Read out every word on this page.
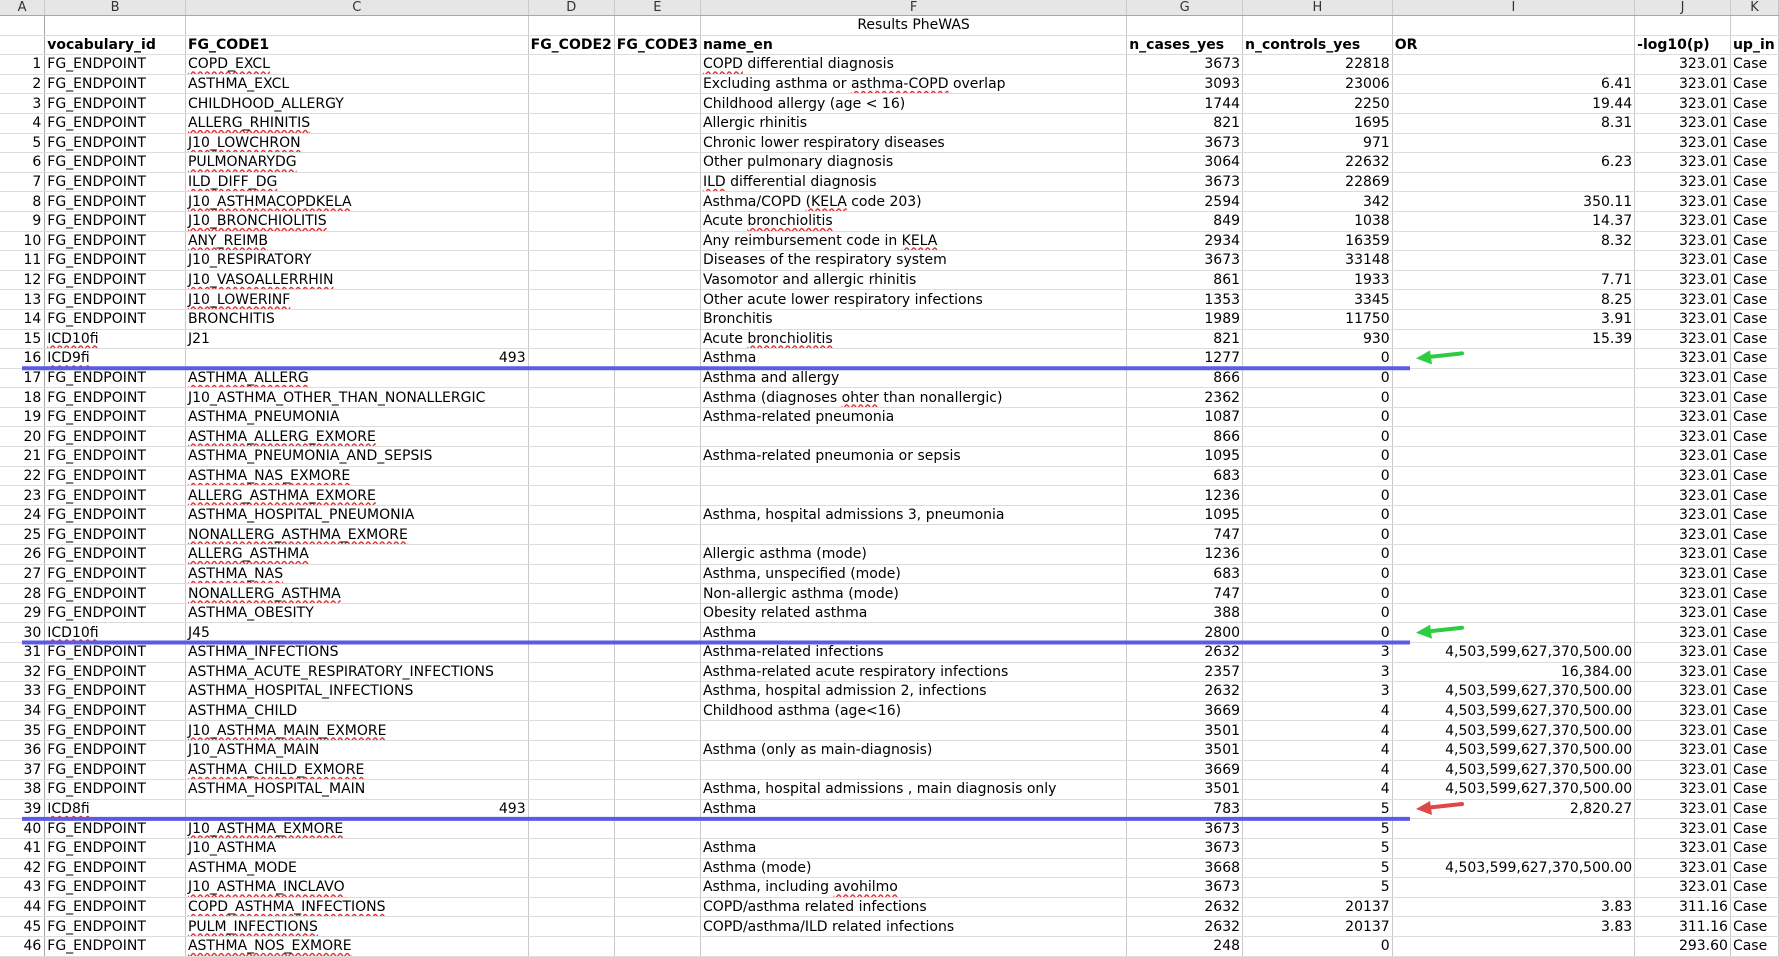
A	B	C	D	E	F	G	H	I	J	K
					Results PheWAS					
	vocabulary_id	FG_CODE1	FG_CODE2	FG_CODE3	name_en	n_cases_yes	n_controls_yes	OR	-log10(p)	up_in
1	FG_ENDPOINT	COPD_EXCL			COPD differential diagnosis	3673	22818		323.01	Case
2	FG_ENDPOINT	ASTHMA_EXCL			Excluding asthma or asthma-COPD overlap	3093	23006	6.41	323.01	Case
3	FG_ENDPOINT	CHILDHOOD_ALLERGY			Childhood allergy (age < 16)	1744	2250	19.44	323.01	Case
4	FG_ENDPOINT	ALLERG_RHINITIS			Allergic rhinitis	821	1695	8.31	323.01	Case
5	FG_ENDPOINT	J10_LOWCHRON			Chronic lower respiratory diseases	3673	971		323.01	Case
6	FG_ENDPOINT	PULMONARYDG			Other pulmonary diagnosis	3064	22632	6.23	323.01	Case
7	FG_ENDPOINT	ILD_DIFF_DG			ILD differential diagnosis	3673	22869		323.01	Case
8	FG_ENDPOINT	J10_ASTHMACOPDKELA			Asthma/COPD (KELA code 203)	2594	342	350.11	323.01	Case
9	FG_ENDPOINT	J10_BRONCHIOLITIS			Acute bronchiolitis	849	1038	14.37	323.01	Case
10	FG_ENDPOINT	ANY_REIMB			Any reimbursement code in KELA	2934	16359	8.32	323.01	Case
11	FG_ENDPOINT	J10_RESPIRATORY			Diseases of the respiratory system	3673	33148		323.01	Case
12	FG_ENDPOINT	J10_VASOALLERRHIN			Vasomotor and allergic rhinitis	861	1933	7.71	323.01	Case
13	FG_ENDPOINT	J10_LOWERINF			Other acute lower respiratory infections	1353	3345	8.25	323.01	Case
14	FG_ENDPOINT	BRONCHITIS			Bronchitis	1989	11750	3.91	323.01	Case
15	ICD10fi	J21			Acute bronchiolitis	821	930	15.39	323.01	Case
16	ICD9fi	493			Asthma	1277	0		323.01	Case
17	FG_ENDPOINT	ASTHMA_ALLERG			Asthma and allergy	866	0		323.01	Case
18	FG_ENDPOINT	J10_ASTHMA_OTHER_THAN_NONALLERGIC			Asthma (diagnoses ohter than nonallergic)	2362	0		323.01	Case
19	FG_ENDPOINT	ASTHMA_PNEUMONIA			Asthma-related pneumonia	1087	0		323.01	Case
20	FG_ENDPOINT	ASTHMA_ALLERG_EXMORE				866	0		323.01	Case
21	FG_ENDPOINT	ASTHMA_PNEUMONIA_AND_SEPSIS			Asthma-related pneumonia or sepsis	1095	0		323.01	Case
22	FG_ENDPOINT	ASTHMA_NAS_EXMORE				683	0		323.01	Case
23	FG_ENDPOINT	ALLERG_ASTHMA_EXMORE				1236	0		323.01	Case
24	FG_ENDPOINT	ASTHMA_HOSPITAL_PNEUMONIA			Asthma, hospital admissions 3, pneumonia	1095	0		323.01	Case
25	FG_ENDPOINT	NONALLERG_ASTHMA_EXMORE				747	0		323.01	Case
26	FG_ENDPOINT	ALLERG_ASTHMA			Allergic asthma (mode)	1236	0		323.01	Case
27	FG_ENDPOINT	ASTHMA_NAS			Asthma, unspecified (mode)	683	0		323.01	Case
28	FG_ENDPOINT	NONALLERG_ASTHMA			Non-allergic asthma (mode)	747	0		323.01	Case
29	FG_ENDPOINT	ASTHMA_OBESITY			Obesity related asthma	388	0		323.01	Case
30	ICD10fi	J45			Asthma	2800	0		323.01	Case
31	FG_ENDPOINT	ASTHMA_INFECTIONS			Asthma-related infections	2632	3	4,503,599,627,370,500.00	323.01	Case
32	FG_ENDPOINT	ASTHMA_ACUTE_RESPIRATORY_INFECTIONS			Asthma-related acute respiratory infections	2357	3	16,384.00	323.01	Case
33	FG_ENDPOINT	ASTHMA_HOSPITAL_INFECTIONS			Asthma, hospital admission 2, infections	2632	3	4,503,599,627,370,500.00	323.01	Case
34	FG_ENDPOINT	ASTHMA_CHILD			Childhood asthma (age<16)	3669	4	4,503,599,627,370,500.00	323.01	Case
35	FG_ENDPOINT	J10_ASTHMA_MAIN_EXMORE				3501	4	4,503,599,627,370,500.00	323.01	Case
36	FG_ENDPOINT	J10_ASTHMA_MAIN			Asthma (only as main-diagnosis)	3501	4	4,503,599,627,370,500.00	323.01	Case
37	FG_ENDPOINT	ASTHMA_CHILD_EXMORE				3669	4	4,503,599,627,370,500.00	323.01	Case
38	FG_ENDPOINT	ASTHMA_HOSPITAL_MAIN			Asthma, hospital admissions , main diagnosis only	3501	4	4,503,599,627,370,500.00	323.01	Case
39	ICD8fi	493			Asthma	783	5	2,820.27	323.01	Case
40	FG_ENDPOINT	J10_ASTHMA_EXMORE				3673	5		323.01	Case
41	FG_ENDPOINT	J10_ASTHMA			Asthma	3673	5		323.01	Case
42	FG_ENDPOINT	ASTHMA_MODE			Asthma (mode)	3668	5	4,503,599,627,370,500.00	323.01	Case
43	FG_ENDPOINT	J10_ASTHMA_INCLAVO			Asthma, including avohilmo	3673	5		323.01	Case
44	FG_ENDPOINT	COPD_ASTHMA_INFECTIONS			COPD/asthma related infections	2632	20137	3.83	311.16	Case
45	FG_ENDPOINT	PULM_INFECTIONS			COPD/asthma/ILD related infections	2632	20137	3.83	311.16	Case
46	FG_ENDPOINT	ASTHMA_NOS_EXMORE				248	0		293.60	Case
